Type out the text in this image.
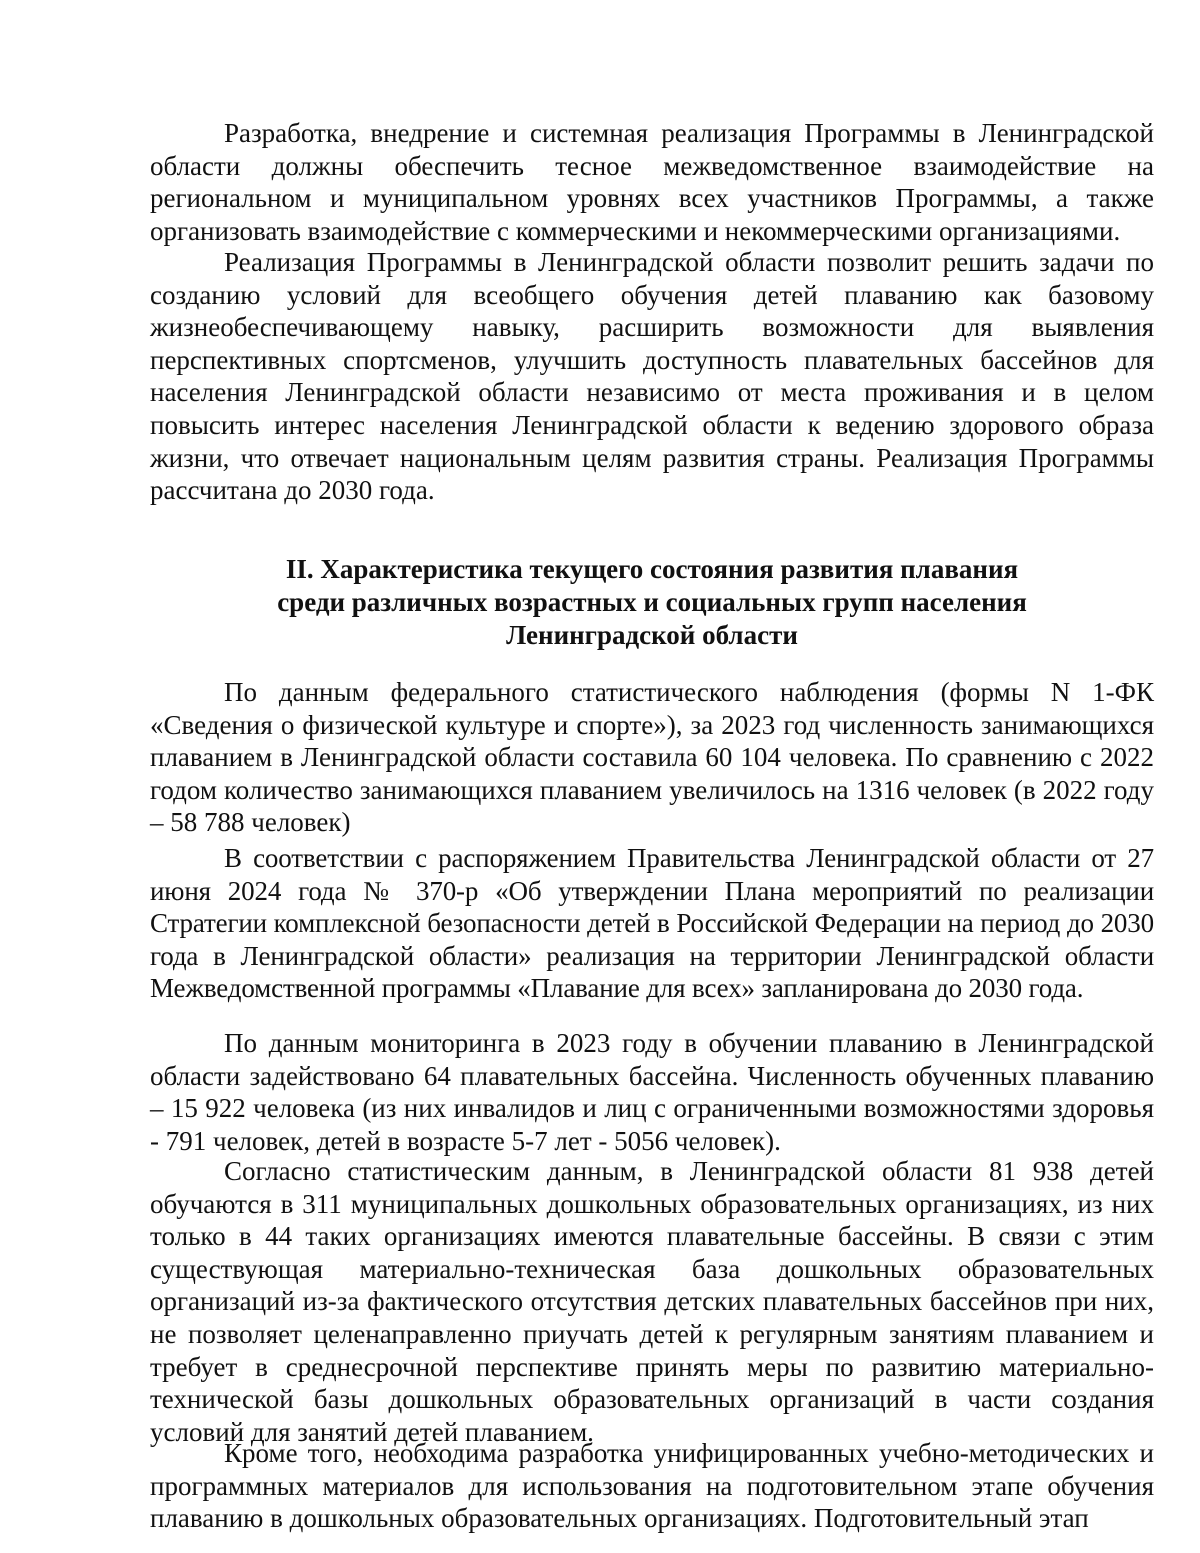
Разработка, внедрение и системная реализация Программы в Ленинградской области должны обеспечить тесное межведомственное взаимодействие на региональном и муниципальном уровнях всех участников Программы, а также организовать взаимодействие с коммерческими и некоммерческими организациями.

Реализация Программы в Ленинградской области позволит решить задачи по созданию условий для всеобщего обучения детей плаванию как базовому жизнеобеспечивающему навыку, расширить возможности для выявления перспективных спортсменов, улучшить доступность плавательных бассейнов для населения Ленинградской области независимо от места проживания и в целом повысить интерес населения Ленинградской области к ведению здорового образа жизни, что отвечает национальным целям развития страны. Реализация Программы рассчитана до 2030 года.

II. Характеристика текущего состояния развития плавания
среди различных возрастных и социальных групп населения
Ленинградской области

По данным федерального статистического наблюдения (формы N 1-ФК «Сведения о физической культуре и спорте»), за 2023 год численность занимающихся плаванием в Ленинградской области составила 60 104 человека. По сравнению с 2022 годом количество занимающихся плаванием увеличилось на 1316 человек (в 2022 году – 58 788 человек)

В соответствии с распоряжением Правительства Ленинградской области от 27 июня 2024 года № 370-р «Об утверждении Плана мероприятий по реализации Стратегии комплексной безопасности детей в Российской Федерации на период до 2030 года в Ленинградской области» реализация на территории Ленинградской области Межведомственной программы «Плавание для всех» запланирована до 2030 года.

По данным мониторинга в 2023 году в обучении плаванию в Ленинградской области задействовано 64 плавательных бассейна. Численность обученных плаванию – 15 922 человека (из них инвалидов и лиц с ограниченными возможностями здоровья - 791 человек, детей в возрасте 5-7 лет - 5056 человек).

Согласно статистическим данным, в Ленинградской области 81 938 детей обучаются в 311 муниципальных дошкольных образовательных организациях, из них только в 44 таких организациях имеются плавательные бассейны. В связи с этим существующая материально-техническая база дошкольных образовательных организаций из-за фактического отсутствия детских плавательных бассейнов при них, не позволяет целенаправленно приучать детей к регулярным занятиям плаванием и требует в среднесрочной перспективе принять меры по развитию материально-технической базы дошкольных образовательных организаций в части создания условий для занятий детей плаванием.

Кроме того, необходима разработка унифицированных учебно-методических и программных материалов для использования на подготовительном этапе обучения плаванию в дошкольных образовательных организациях. Подготовительный этап
